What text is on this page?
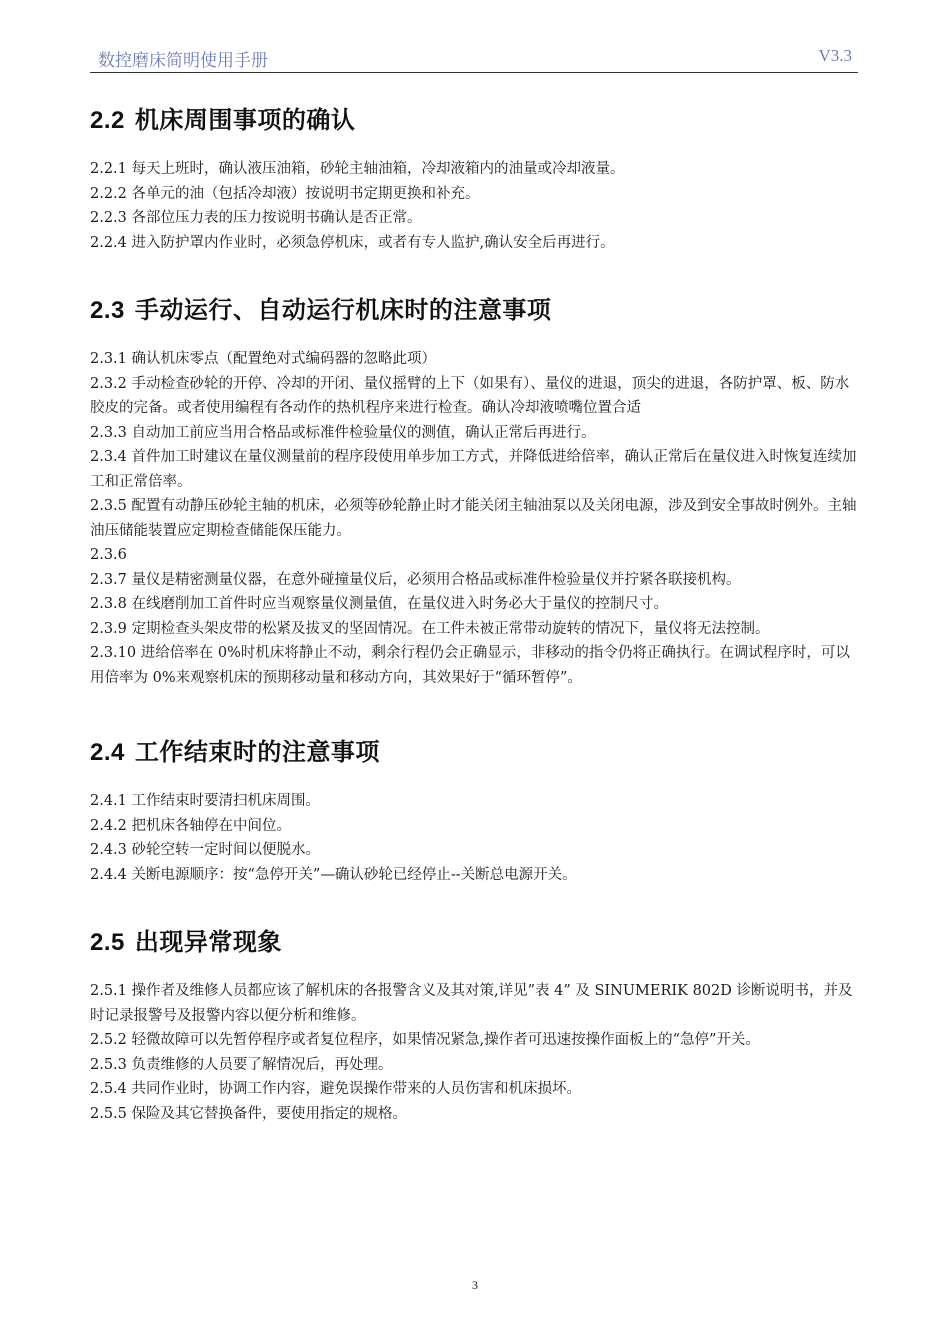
数控磨床简明使用手册	V3.3
2.2 机床周围事项的确认
2.2.1 每天上班时，确认液压油箱，砂轮主轴油箱，冷却液箱内的油量或冷却液量。
2.2.2 各单元的油（包括冷却液）按说明书定期更换和补充。
2.2.3 各部位压力表的压力按说明书确认是否正常。
2.2.4 进入防护罩内作业时，必须急停机床，或者有专人监护,确认安全后再进行。
2.3 手动运行、自动运行机床时的注意事项
2.3.1 确认机床零点（配置绝对式编码器的忽略此项）
2.3.2 手动检查砂轮的开停、冷却的开闭、量仪摇臂的上下（如果有）、量仪的进退，顶尖的进退，各防护罩、板、防水胶皮的完备。或者使用编程有各动作的热机程序来进行检查。确认冷却液喷嘴位置合适
2.3.3 自动加工前应当用合格品或标准件检验量仪的测值，确认正常后再进行。
2.3.4 首件加工时建议在量仪测量前的程序段使用单步加工方式，并降低进给倍率，确认正常后在量仪进入时恢复连续加工和正常倍率。
2.3.5 配置有动静压砂轮主轴的机床，必须等砂轮静止时才能关闭主轴油泵以及关闭电源，涉及到安全事故时例外。主轴油压储能装置应定期检查储能保压能力。
2.3.6
2.3.7 量仪是精密测量仪器，在意外碰撞量仪后，必须用合格品或标准件检验量仪并拧紧各联接机构。
2.3.8 在线磨削加工首件时应当观察量仪测量值，在量仪进入时务必大于量仪的控制尺寸。
2.3.9 定期检查头架皮带的松紧及拔叉的坚固情况。在工件未被正常带动旋转的情况下，量仪将无法控制。
2.3.10 进给倍率在 0%时机床将静止不动，剩余行程仍会正确显示，非移动的指令仍将正确执行。在调试程序时，可以用倍率为 0%来观察机床的预期移动量和移动方向，其效果好于“循环暂停”。
2.4 工作结束时的注意事项
2.4.1 工作结束时要清扫机床周围。
2.4.2 把机床各轴停在中间位。
2.4.3 砂轮空转一定时间以便脱水。
2.4.4 关断电源顺序：按“急停开关”—确认砂轮已经停止--关断总电源开关。
2.5 出现异常现象
2.5.1 操作者及维修人员都应该了解机床的各报警含义及其对策,详见”表 4” 及 SINUMERIK 802D 诊断说明书，并及时记录报警号及报警内容以便分析和维修。
2.5.2 轻微故障可以先暂停程序或者复位程序，如果情况紧急,操作者可迅速按操作面板上的“急停”开关。
2.5.3 负责维修的人员要了解情况后，再处理。
2.5.4 共同作业时，协调工作内容，避免误操作带来的人员伤害和机床损坏。
2.5.5 保险及其它替换备件，要使用指定的规格。
3
